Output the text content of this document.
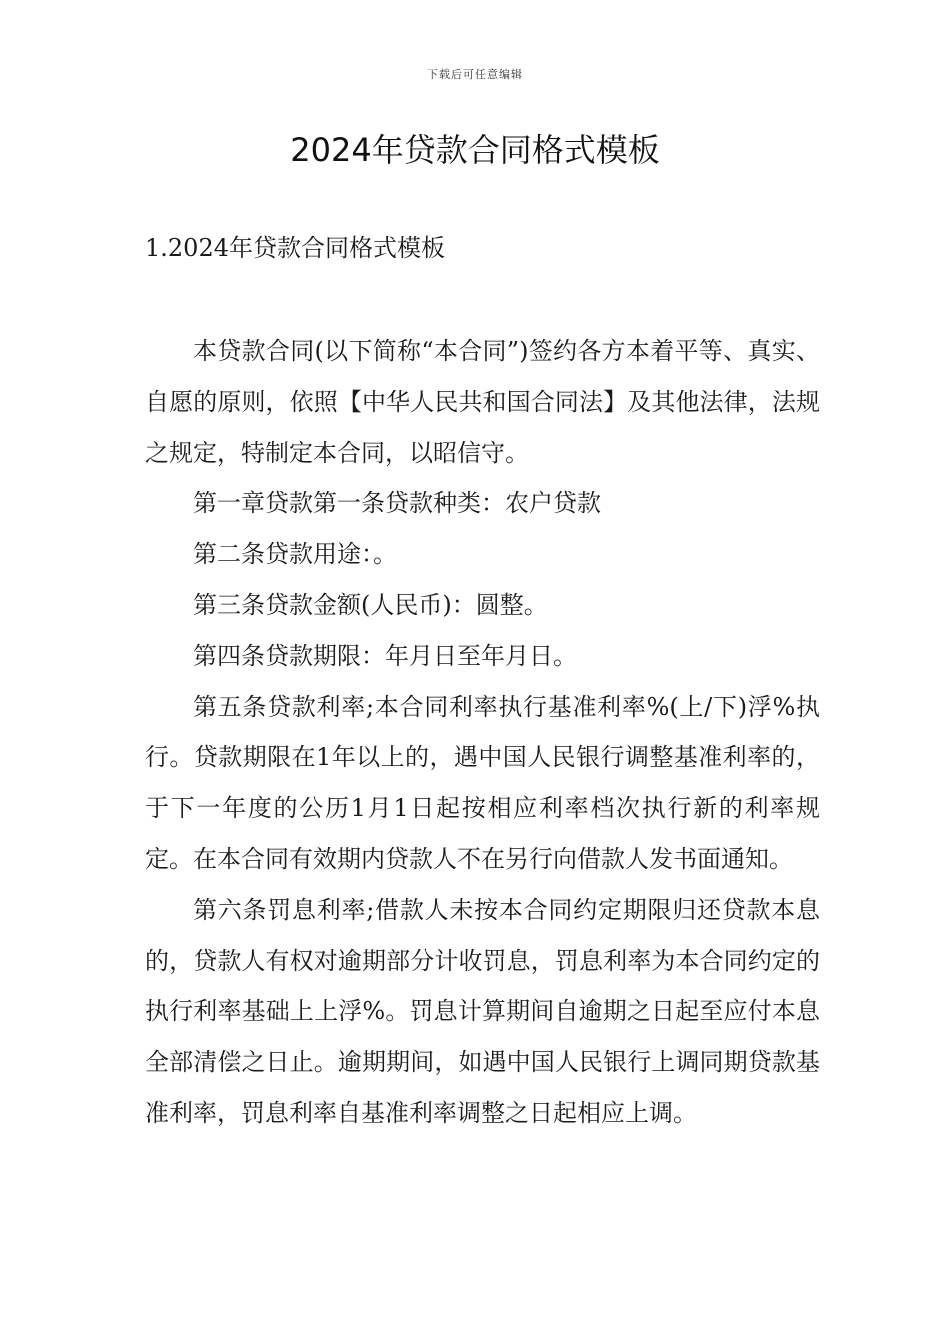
下载后可任意编辑
2024年贷款合同格式模板
1.2024年贷款合同格式模板

本贷款合同(以下简称“本合同”)签约各方本着平等、真实、自愿的原则，依照【中华人民共和国合同法】及其他法律，法规之规定，特制定本合同，以昭信守。

第一章贷款第一条贷款种类：农户贷款

第二条贷款用途：。

第三条贷款金额(人民币)：圆整。

第四条贷款期限：年月日至年月日。

第五条贷款利率;本合同利率执行基准利率%(上/下)浮%执行。贷款期限在1年以上的，遇中国人民银行调整基准利率的，于下一年度的公历1月1日起按相应利率档次执行新的利率规定。在本合同有效期内贷款人不在另行向借款人发书面通知。

第六条罚息利率;借款人未按本合同约定期限归还贷款本息的，贷款人有权对逾期部分计收罚息，罚息利率为本合同约定的执行利率基础上上浮%。罚息计算期间自逾期之日起至应付本息全部清偿之日止。逾期期间，如遇中国人民银行上调同期贷款基准利率，罚息利率自基准利率调整之日起相应上调。
